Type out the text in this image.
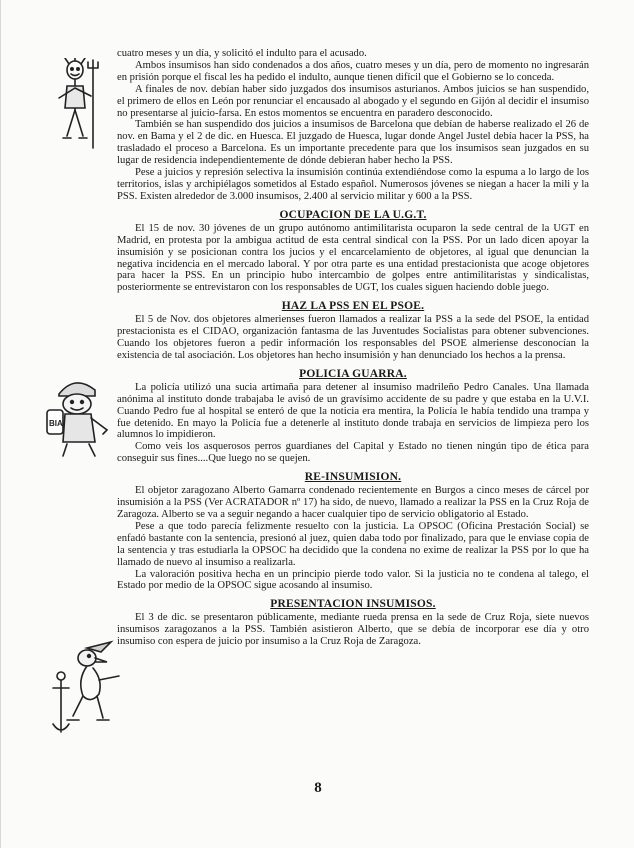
BIA

cuatro meses y un día, y solicitó el indulto para el acusado.

Ambos insumisos han sido condenados a dos años, cuatro meses y un día, pero de momento no ingresarán en prisión porque el fiscal les ha pedido el indulto, aunque tienen difícil que el Gobierno se lo conceda.

A finales de nov. debían haber sido juzgados dos insumisos asturianos. Ambos juicios se han suspendido, el primero de ellos en León por renunciar el encausado al abogado y el segundo en Gijón al decidir el insumiso no presentarse al juicio-farsa. En estos momentos se encuentra en paradero desconocido.

También se han suspendido dos juicios a insumisos de Barcelona que debían de haberse realizado el 26 de nov. en Bama y el 2 de dic. en Huesca. El juzgado de Huesca, lugar donde Angel Justel debía hacer la PSS, ha trasladado el proceso a Barcelona. Es un importante precedente para que los insumisos sean juzgados en su lugar de residencia independientemente de dónde debieran haber hecho la PSS.

Pese a juicios y represión selectiva la insumisión continúa extendiéndose como la espuma a lo largo de los territorios, islas y archipiélagos sometidos al Estado español. Numerosos jóvenes se niegan a hacer la mili y la PSS. Existen alrededor de 3.000 insumisos, 2.400 al servicio militar y 600 a la PSS.

OCUPACION DE LA U.G.T.

El 15 de nov. 30 jóvenes de un grupo autónomo antimilitarista ocuparon la sede central de la UGT en Madrid, en protesta por la ambigua actitud de esta central sindical con la PSS. Por un lado dicen apoyar la insumisión y se posicionan contra los jucios y el encarcelamiento de objetores, al igual que denuncian la negativa incidencia en el mercado laboral. Y por otra parte es una entidad prestacionista que acoge objetores para hacer la PSS. En un principio hubo intercambio de golpes entre antimilitaristas y sindicalistas, posteriormente se entrevistaron con los responsables de UGT, los cuales siguen haciendo doble juego.

HAZ LA PSS EN EL PSOE.

El 5 de Nov. dos objetores almerienses fueron llamados a realizar la PSS a la sede del PSOE, la entidad prestacionista es el CIDAO, organización fantasma de las Juventudes Socialistas para obtener subvenciones. Cuando los objetores fueron a pedir información los responsables del PSOE almeriense desconocían la existencia de tal asociación. Los objetores han hecho insumisión y han denunciado los hechos a la prensa.

POLICIA GUARRA.

La policía utilizó una sucia artimaña para detener al insumiso madrileño Pedro Canales. Una llamada anónima al instituto donde trabajaba le avisó de un gravísimo accidente de su padre y que estaba en la U.V.I. Cuando Pedro fue al hospital se enteró de que la noticia era mentira, la Policía le había tendido una trampa y fue detenido. En mayo la Policía fue a detenerle al instituto donde trabaja en servicios de limpieza pero los alumnos lo impidieron.

Como veis los asquerosos perros guardianes del Capital y Estado no tienen ningún tipo de ética para conseguir sus fines....Que luego no se quejen.

RE-INSUMISION.

El objetor zaragozano Alberto Gamarra condenado recientemente en Burgos a cinco meses de cárcel por insumisión a la PSS (Ver ACRATADOR nº 17) ha sido, de nuevo, llamado a realizar la PSS en la Cruz Roja de Zaragoza. Alberto se va a seguir negando a hacer cualquier tipo de servicio obligatorio al Estado.

Pese a que todo parecía felizmente resuelto con la justicia. La OPSOC (Oficina Prestación Social) se enfadó bastante con la sentencia, presionó al juez, quien daba todo por finalizado, para que le enviase copia de la sentencia y tras estudiarla la OPSOC ha decidido que la condena no exime de realizar la PSS por lo que ha llamado de nuevo al insumiso a realizarla.

La valoración positiva hecha en un principio pierde todo valor. Si la justicia no te condena al talego, el Estado por medio de la OPSOC sigue acosando al insumiso.

PRESENTACION INSUMISOS.

El 3 de dic. se presentaron públicamente, mediante rueda prensa en la sede de Cruz Roja, siete nuevos insumisos zaragozanos a la PSS. También asistieron Alberto, que se debía de incorporar ese día y otro insumiso con espera de juicio por insumiso a la Cruz Roja de Zaragoza.

8
